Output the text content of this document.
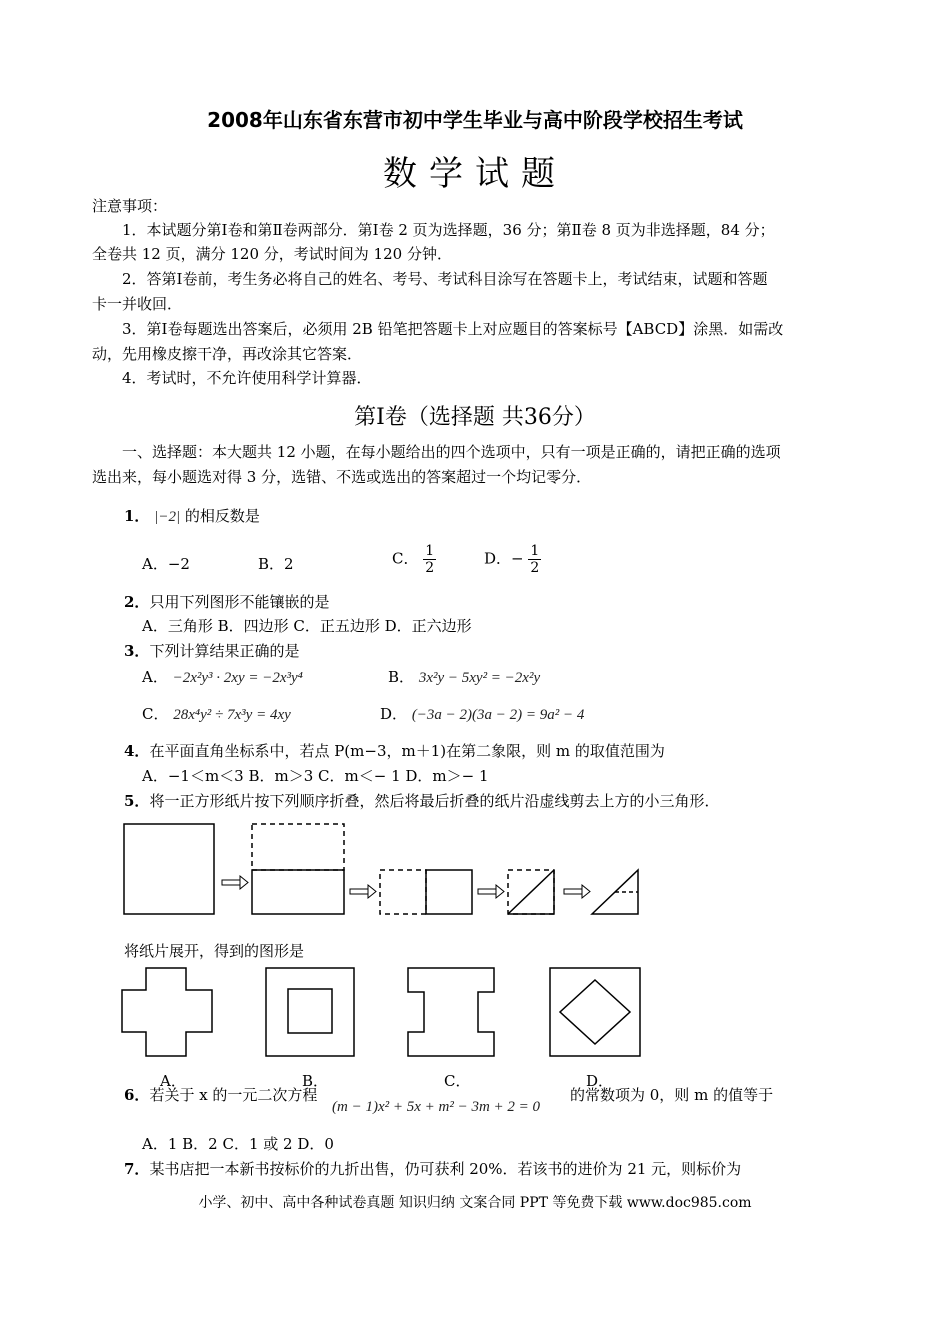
2008年山东省东营市初中学生毕业与高中阶段学校招生考试
数学试题
注意事项：
1．本试题分第Ⅰ卷和第Ⅱ卷两部分．第Ⅰ卷 2 页为选择题，36 分；第Ⅱ卷 8 页为非选择题，84 分；
全卷共 12 页，满分 120 分，考试时间为 120 分钟．
2．答第Ⅰ卷前，考生务必将自己的姓名、考号、考试科目涂写在答题卡上，考试结束，试题和答题
卡一并收回．
3．第Ⅰ卷每题选出答案后，必须用 2B 铅笔把答题卡上对应题目的答案标号【ABCD】涂黑．如需改
动，先用橡皮擦干净，再改涂其它答案．
4．考试时，不允许使用科学计算器．
第Ⅰ卷（选择题 共36分）
一、选择题：本大题共 12 小题，在每小题给出的四个选项中，只有一项是正确的，请把正确的选项
选出来，每小题选对得 3 分，选错、不选或选出的答案超过一个均记零分．
1． |−2| 的相反数是
A．−2	B．2	C． $\frac{1}{2}$	D．− $\frac{1}{2}$
2．只用下列图形不能镶嵌的是
A．三角形 B．四边形 C．正五边形 D．正六边形
3．下列计算结果正确的是
A． −2x²y³ · 2xy = −2x³y⁴	B． 3x²y − 5xy² = −2x²y
C． 28x⁴y² ÷ 7x³y = 4xy	D． (−3a − 2)(3a − 2) = 9a² − 4
4．在平面直角坐标系中，若点 P(m−3，m＋1)在第二象限，则 m 的取值范围为
A．−1＜m＜3 B．m＞3 C．m＜− 1 D．m＞− 1
5．将一正方形纸片按下列顺序折叠，然后将最后折叠的纸片沿虚线剪去上方的小三角形．
将纸片展开，得到的图形是
A．	B．	C．	D．
6．若关于 x 的一元二次方程
(m − 1)x² + 5x + m² − 3m + 2 = 0
的常数项为 0，则 m 的值等于
A．1 B．2 C．1 或 2 D．0
7．某书店把一本新书按标价的九折出售，仍可获利 20%．若该书的进价为 21 元，则标价为
小学、初中、高中各种试卷真题 知识归纳 文案合同 PPT 等免费下载 www.doc985.com
